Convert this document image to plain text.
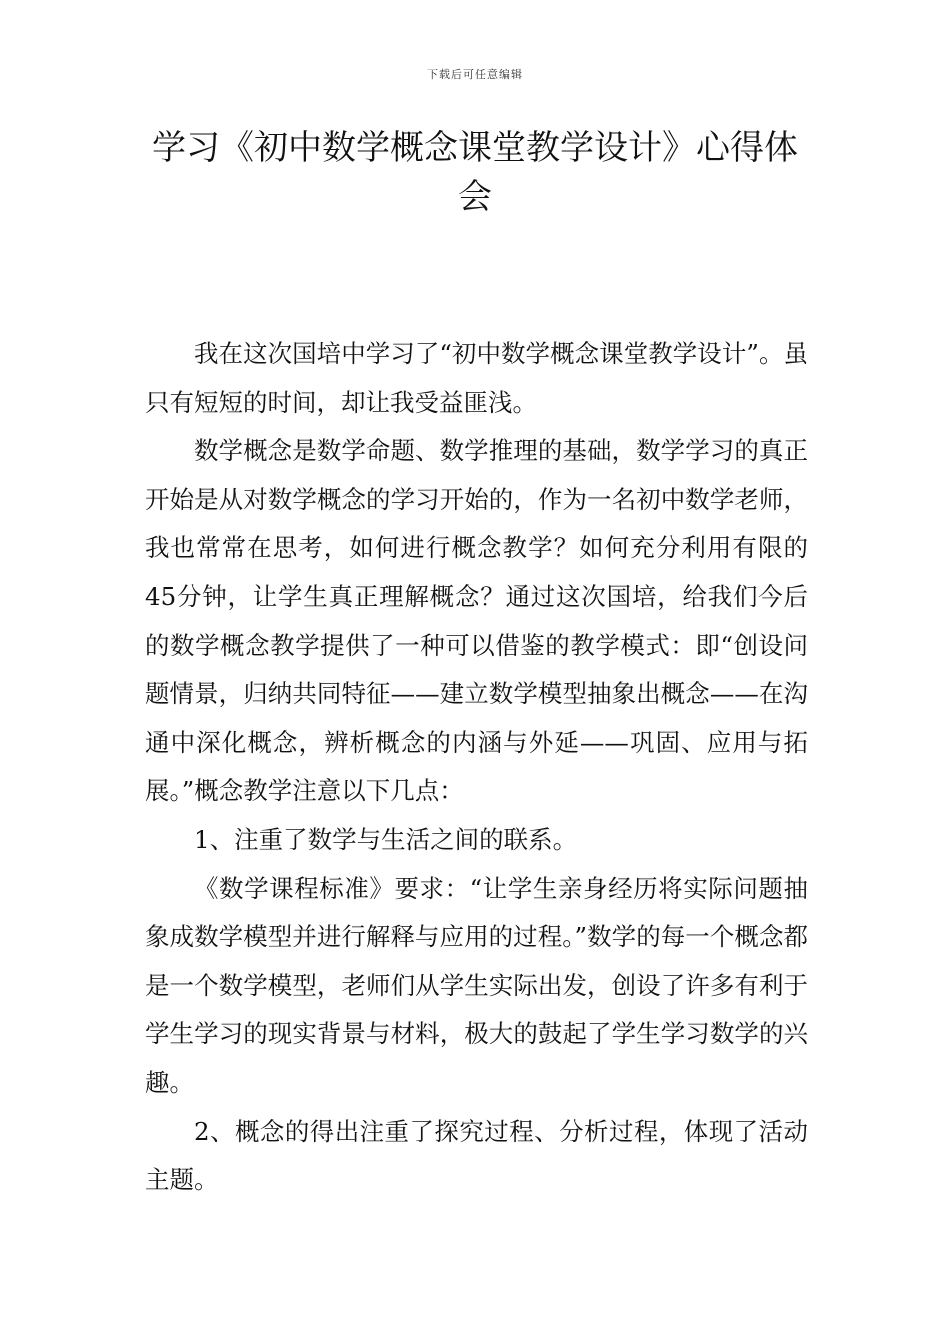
下载后可任意编辑
学习《初中数学概念课堂教学设计》心得体会

我在这次国培中学习了“初中数学概念课堂教学设计”。虽只有短短的时间，却让我受益匪浅。

数学概念是数学命题、数学推理的基础，数学学习的真正开始是从对数学概念的学习开始的，作为一名初中数学老师，我也常常在思考，如何进行概念教学？如何充分利用有限的45分钟，让学生真正理解概念？通过这次国培，给我们今后的数学概念教学提供了一种可以借鉴的教学模式：即“创设问题情景，归纳共同特征——建立数学模型抽象出概念——在沟通中深化概念，辨析概念的内涵与外延——巩固、应用与拓展。”概念教学注意以下几点：

1、注重了数学与生活之间的联系。

《数学课程标准》要求：“让学生亲身经历将实际问题抽象成数学模型并进行解释与应用的过程。”数学的每一个概念都是一个数学模型，老师们从学生实际出发，创设了许多有利于学生学习的现实背景与材料，极大的鼓起了学生学习数学的兴趣。

2、概念的得出注重了探究过程、分析过程，体现了活动主题。
